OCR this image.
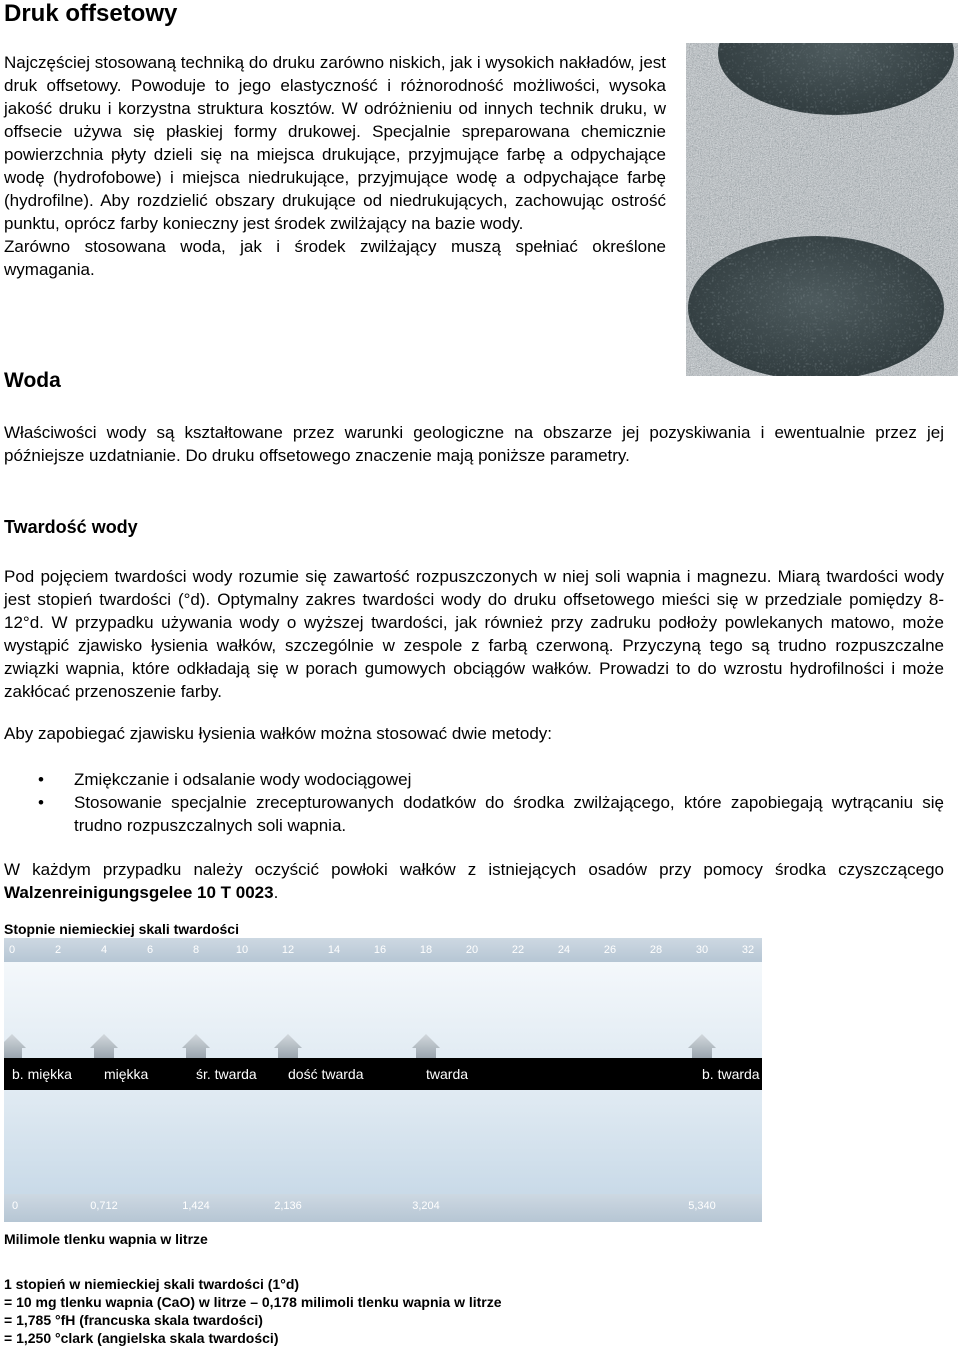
Druk offsetowy

Najczęściej stosowaną techniką do druku zarówno niskich, jak i wysokich nakładów, jest druk offsetowy. Powoduje to jego elastyczność i różnorodność możliwości, wysoka jakość druku i korzystna struktura kosztów. W odróżnieniu od innych technik druku, w offsecie używa się płaskiej formy drukowej. Specjalnie spreparowana chemicznie powierzchnia płyty dzieli się na miejsca drukujące, przyjmujące farbę a odpychające wodę (hydrofobowe) i miejsca niedrukujące, przyjmujące wodę a odpychające farbę (hydrofilne). Aby rozdzielić obszary drukujące od niedrukujących, zachowując ostrość punktu, oprócz farby konieczny jest środek zwilżający na bazie wody.

Zarówno stosowana woda, jak i środek zwilżający muszą spełniać określone wymagania.

Woda

Właściwości wody są kształtowane przez warunki geologiczne na obszarze jej pozyskiwania i ewentualnie przez jej późniejsze uzdatnianie. Do druku offsetowego znaczenie mają poniższe parametry.

Twardość wody

Pod pojęciem twardości wody rozumie się zawartość rozpuszczonych w niej soli wapnia i magnezu. Miarą twardości wody jest stopień twardości (°d). Optymalny zakres twardości wody do druku offsetowego mieści się w przedziale pomiędzy 8-12°d. W przypadku używania wody o wyższej twardości, jak również przy zadruku podłoży powlekanych matowo, może wystąpić zjawisko łysienia wałków, szczególnie w zespole z farbą czerwoną. Przyczyną tego są trudno rozpuszczalne związki wapnia, które odkładają się w porach gumowych obciągów wałków. Prowadzi to do wzrostu hydrofilności i może zakłócać przenoszenie farby.

Aby zapobiegać zjawisku łysienia wałków można stosować dwie metody:

• Zmiękczanie i odsalanie wody wodociągowej
• Stosowanie specjalnie zrecepturowanych dodatków do środka zwilżającego, które zapobiegają wytrącaniu się trudno rozpuszczalnych soli wapnia.

W każdym przypadku należy oczyścić powłoki wałków z istniejących osadów przy pomocy środka czyszczącego Walzenreinigungsgelee 10 T 0023.

Stopnie niemieckiej skali twardości

0	2	4	6	8	10	12	14	16	18	20	22	24	26	28	30	32
0	0,712	1,424	2,136	3,204	5,340
b. miękka miękka	śr. twarda dość twarda	twarda	b. twarda

Milimole tlenku wapnia w litrze

1 stopień w niemieckiej skali twardości (1°d)
= 10 mg tlenku wapnia (CaO) w litrze – 0,178 milimoli tlenku wapnia w litrze
= 1,785 °fH (francuska skala twardości)
= 1,250 °clark (angielska skala twardości)
